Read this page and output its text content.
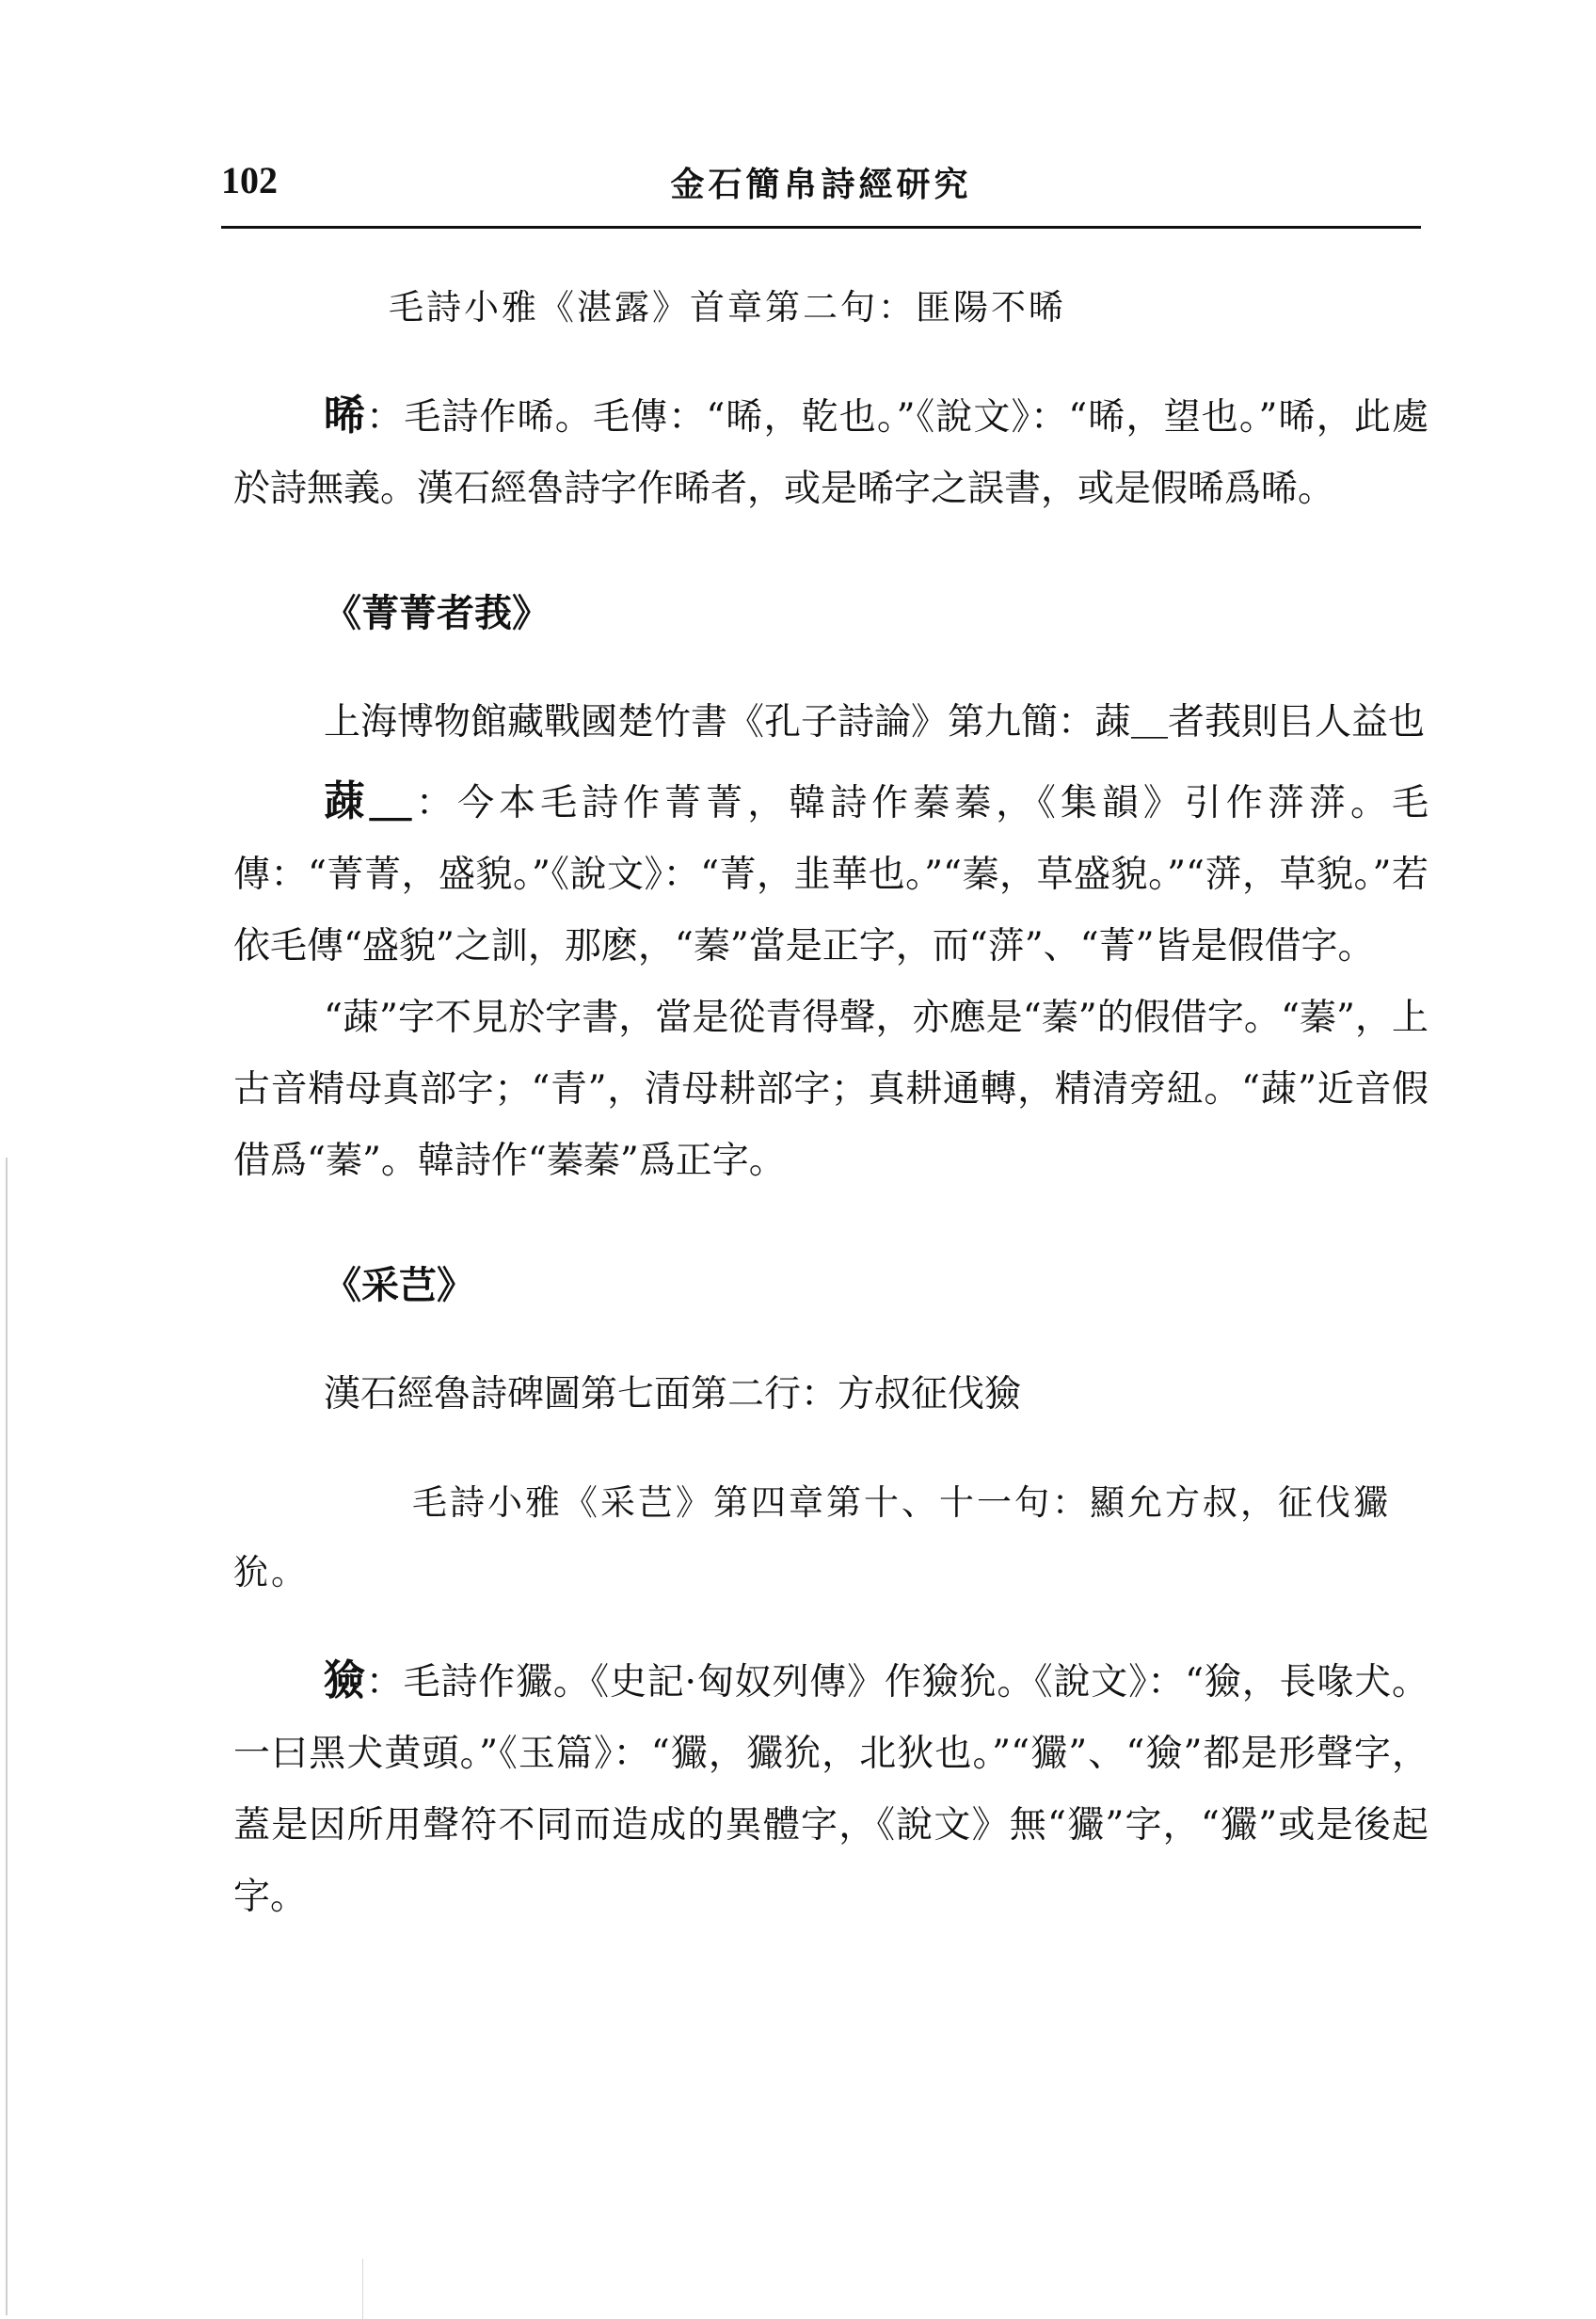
102	金石簡帛詩經研究

毛詩小雅《湛露》首章第二句：匪陽不晞

晞：毛詩作晞。毛傳：“晞，乾也。”《說文》：“晞，望也。”晞，此處於詩無義。漢石經魯詩字作晞者，或是晞字之誤書，或是假晞爲晞。

《菁菁者莪》

上海博物館藏戰國楚竹書《孔子詩論》第九簡：䔫＿者莪則㠯人益也

䔫＿：今本毛詩作菁菁，韓詩作蓁蓁，《集韻》引作蓱蓱。毛傳：“菁菁，盛貌。”《說文》：“菁，韭華也。”“蓁，草盛貌。”“蓱，草貌。”若依毛傳“盛貌”之訓，那麽，“蓁”當是正字，而“蓱”、“菁”皆是假借字。

“䔫”字不見於字書，當是從青得聲，亦應是“蓁”的假借字。“蓁”，上古音精母真部字；“青”，清母耕部字；真耕通轉，精清旁紐。“䔫”近音假借爲“蓁”。韓詩作“蓁蓁”爲正字。

《采芑》

漢石經魯詩碑圖第七面第二行：方叔征伐獫

毛詩小雅《采芑》第四章第十、十一句：顯允方叔，征伐玁狁。

獫：毛詩作玁。《史記·匈奴列傳》作獫狁。《說文》：“獫，長喙犬。一曰黑犬黄頭。”《玉篇》：“玁，玁狁，北狄也。”“玁”、“獫”都是形聲字，蓋是因所用聲符不同而造成的異體字，《說文》無“玁”字，“玁”或是後起字。
